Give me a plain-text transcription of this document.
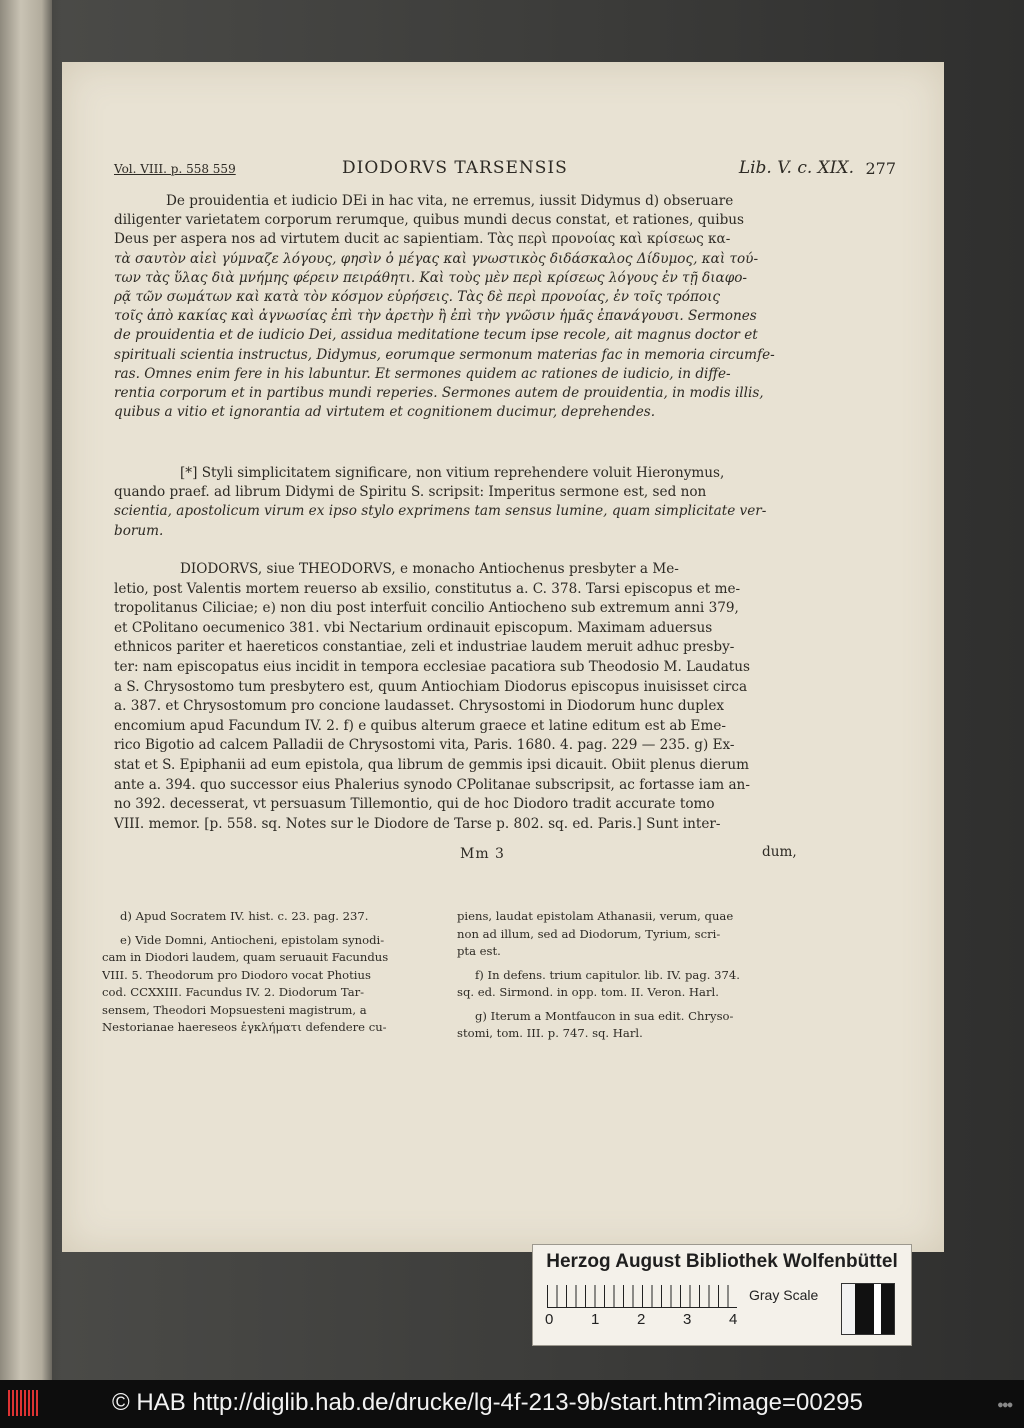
Vol. VIII. p. 558 559	DIODORVS TARSENSIS	Lib. V. c. XIX. 277
De prouidentia et iudicio DEi in hac vita, ne erremus, iussit Didymus d) obseruare
diligenter varietatem corporum rerumque, quibus mundi decus constat, et rationes, quibus
Deus per aspera nos ad virtutem ducit ac sapientiam. Τὰς περὶ προνοίας καὶ κρίσεως κα-
τὰ σαυτὸν αἰεὶ γύμναζε λόγους, φησὶν ὁ μέγας καὶ γνωστικὸς διδάσκαλος Δίδυμος, καὶ τού-
των τὰς ὕλας διὰ μνήμης φέρειν πειράθητι. Καὶ τοὺς μὲν περὶ κρίσεως λόγους ἐν τῇ διαφο-
ρᾷ τῶν σωμάτων καὶ κατὰ τὸν κόσμον εὑρήσεις. Τὰς δὲ περὶ προνοίας, ἐν τοῖς τρόποις
τοῖς ἀπὸ κακίας καὶ ἀγνωσίας ἐπὶ τὴν ἀρετὴν ἢ ἐπὶ τὴν γνῶσιν ἡμᾶς ἐπανάγουσι. Sermones
de prouidentia et de iudicio Dei, assidua meditatione tecum ipse recole, ait magnus doctor et
spirituali scientia instructus, Didymus, eorumque sermonum materias fac in memoria circumfe-
ras. Omnes enim fere in his labuntur. Et sermones quidem ac rationes de iudicio, in diffe-
rentia corporum et in partibus mundi reperies. Sermones autem de prouidentia, in modis illis,
quibus a vitio et ignorantia ad virtutem et cognitionem ducimur, deprehendes.
[*] Styli simplicitatem significare, non vitium reprehendere voluit Hieronymus,
quando praef. ad librum Didymi de Spiritu S. scripsit: Imperitus sermone est, sed non
scientia, apostolicum virum ex ipso stylo exprimens tam sensus lumine, quam simplicitate ver-
borum.
DIODORVS, siue THEODORVS, e monacho Antiochenus presbyter a Me-
letio, post Valentis mortem reuerso ab exsilio, constitutus a. C. 378. Tarsi episcopus et me-
tropolitanus Ciliciae; e) non diu post interfuit concilio Antiocheno sub extremum anni 379,
et CPolitano oecumenico 381. vbi Nectarium ordinauit episcopum. Maximam aduersus
ethnicos pariter et haereticos constantiae, zeli et industriae laudem meruit adhuc presby-
ter: nam episcopatus eius incidit in tempora ecclesiae pacatiora sub Theodosio M. Laudatus
a S. Chrysostomo tum presbytero est, quum Antiochiam Diodorus episcopus inuisisset circa
a. 387. et Chrysostomum pro concione laudasset. Chrysostomi in Diodorum hunc duplex
encomium apud Facundum IV. 2. f) e quibus alterum graece et latine editum est ab Eme-
rico Bigotio ad calcem Palladii de Chrysostomi vita, Paris. 1680. 4. pag. 229 — 235. g) Ex-
stat et S. Epiphanii ad eum epistola, qua librum de gemmis ipsi dicauit. Obiit plenus dierum
ante a. 394. quo successor eius Phalerius synodo CPolitanae subscripsit, ac fortasse iam an-
no 392. decesserat, vt persuasum Tillemontio, qui de hoc Diodoro tradit accurate tomo
VIII. memor. [p. 558. sq. Notes sur le Diodore de Tarse p. 802. sq. ed. Paris.] Sunt inter-
Mm 3	dum,

d) Apud Socratem IV. hist. c. 23. pag. 237.

e) Vide Domni, Antiocheni, epistolam synodi-
cam in Diodori laudem, quam seruauit Facundus
VIII. 5. Theodorum pro Diodoro vocat Photius
cod. CCXXIII. Facundus IV. 2. Diodorum Tar-
sensem, Theodori Mopsuesteni magistrum, a
Nestorianae haereseos ἐγκλήματι defendere cu-

piens, laudat epistolam Athanasii, verum, quae
non ad illum, sed ad Diodorum, Tyrium, scri-
pta est.

f) In defens. trium capitulor. lib. IV. pag. 374.
sq. ed. Sirmond. in opp. tom. II. Veron. Harl.

g) Iterum a Montfaucon in sua edit. Chryso-
stomi, tom. III. p. 747. sq. Harl.

Herzog August Bibliothek Wolfenbüttel
0	1	2	3	4
Gray Scale
© HAB http://diglib.hab.de/drucke/lg-4f-213-9b/start.htm?image=00295	●●●
